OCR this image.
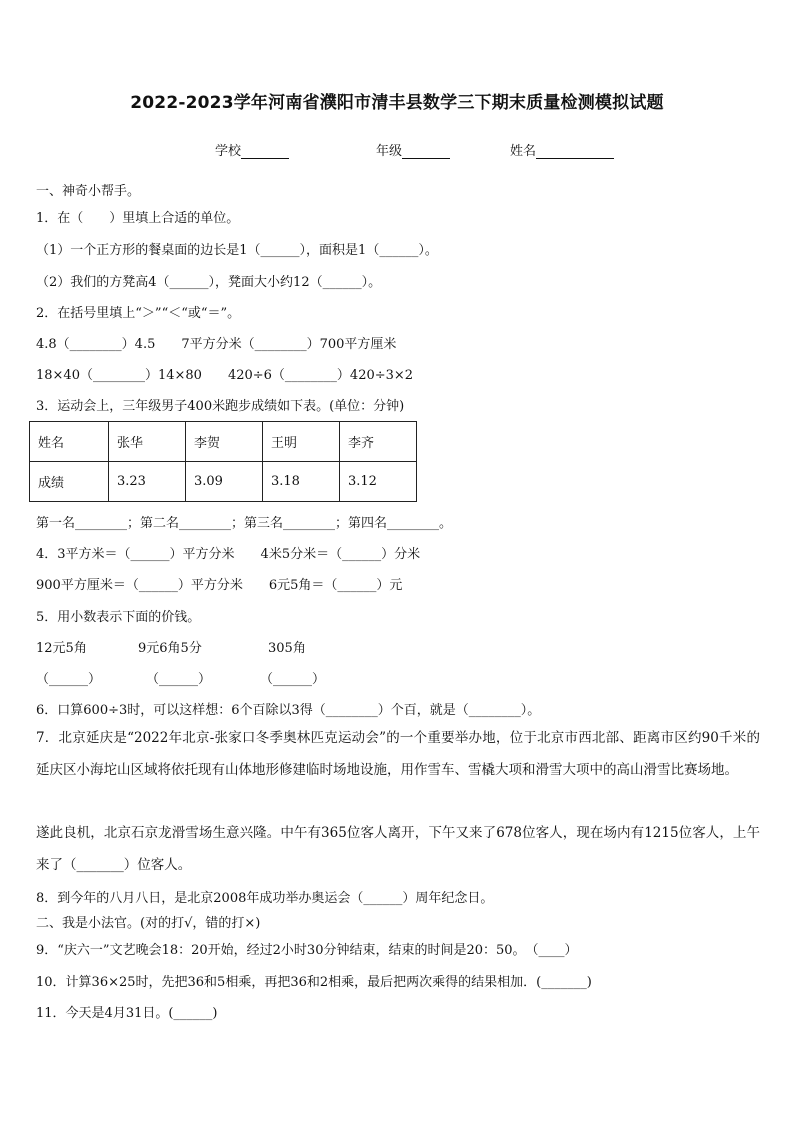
2022-2023学年河南省濮阳市清丰县数学三下期末质量检测模拟试题
学校	年级	姓名
一、神奇小帮手。
1．在（　　）里填上合适的单位。
（1）一个正方形的餐桌面的边长是1（______），面积是1（______）。
（2）我们的方凳高4（______），凳面大小约12（______）。
2．在括号里填上“＞”“＜“或“＝”。
4.8（________）4.5　　7平方分米（________）700平方厘米
18×40（________）14×80　　420÷6（________）420÷3×2
3．运动会上，三年级男子400米跑步成绩如下表。(单位：分钟)
姓名	张华	李贺	王明	李齐
成绩	3.23	3.09	3.18	3.12
第一名________；第二名________；第三名________；第四名________。
4．3平方米＝（______）平方分米　　4米5分米＝（______）分米
900平方厘米＝（______）平方分米　　6元5角＝（______）元
5．用小数表示下面的价钱。
12元5角	9元6角5分	305角
（______）	（______）	（______）
6．口算600÷3时，可以这样想：6个百除以3得（________）个百，就是（________）。
7．北京延庆是“2022年北京-张家口冬季奥林匹克运动会”的一个重要举办地，位于北京市西北部、距离市区约90千米的延庆区小海坨山区域将依托现有山体地形修建临时场地设施，用作雪车、雪橇大项和滑雪大项中的高山滑雪比赛场地。
遂此良机，北京石京龙滑雪场生意兴隆。中午有365位客人离开，下午又来了678位客人，现在场内有1215位客人，上午来了（_______）位客人。
8．到今年的八月八日，是北京2008年成功举办奥运会（______）周年纪念日。
二、我是小法官。(对的打√，错的打×)
9．“庆六一”文艺晚会18：20开始，经过2小时30分钟结束，结束的时间是20：50。　（____）
10．计算36×25时，先把36和5相乘，再把36和2相乘，最后把两次乘得的结果相加．(_______)
11．今天是4月31日。(______)
